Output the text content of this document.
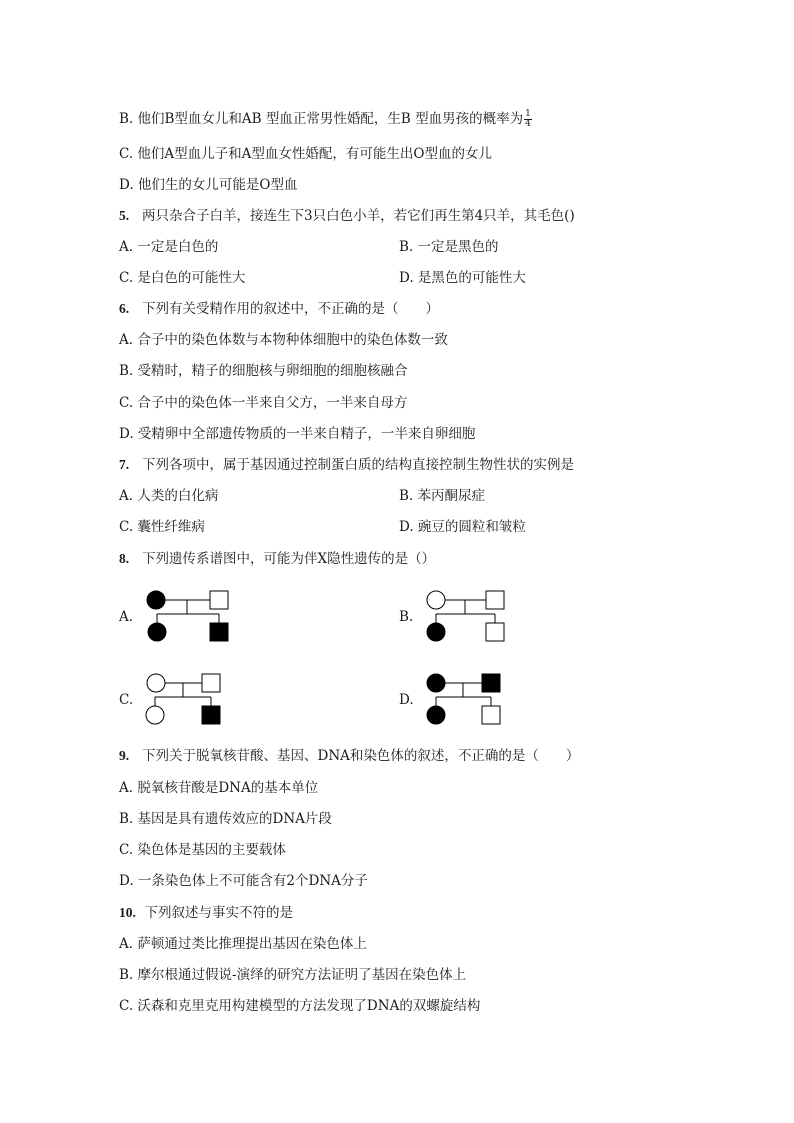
B. 他们B型血女儿和AB 型血正常男性婚配，生B 型血男孩的概率为 $\frac{1}{4}$
C. 他们A型血儿子和A型血女性婚配，有可能生出O型血的女儿
D. 他们生的女儿可能是O型血
5. 两只杂合子白羊，接连生下3只白色小羊，若它们再生第4只羊，其毛色()
A. 一定是白色的	B. 一定是黑色的
C. 是白色的可能性大	D. 是黑色的可能性大
6. 下列有关受精作用的叙述中，不正确的是（　　）
A. 合子中的染色体数与本物种体细胞中的染色体数一致
B. 受精时，精子的细胞核与卵细胞的细胞核融合
C. 合子中的染色体一半来自父方，一半来自母方
D. 受精卵中全部遗传物质的一半来自精子，一半来自卵细胞
7. 下列各项中，属于基因通过控制蛋白质的结构直接控制生物性状的实例是
A. 人类的白化病	B. 苯丙酮尿症
C. 囊性纤维病	D. 豌豆的圆粒和皱粒
8. 下列遗传系谱图中，可能为伴X隐性遗传的是（）
A.	B.
C.	D.
9. 下列关于脱氧核苷酸、基因、DNA和染色体的叙述，不正确的是（　　）
A. 脱氧核苷酸是DNA的基本单位
B. 基因是具有遗传效应的DNA片段
C. 染色体是基因的主要载体
D. 一条染色体上不可能含有2个DNA分子
10. 下列叙述与事实不符的是
A. 萨顿通过类比推理提出基因在染色体上
B. 摩尔根通过假说-演绎的研究方法证明了基因在染色体上
C. 沃森和克里克用构建模型的方法发现了DNA的双螺旋结构
